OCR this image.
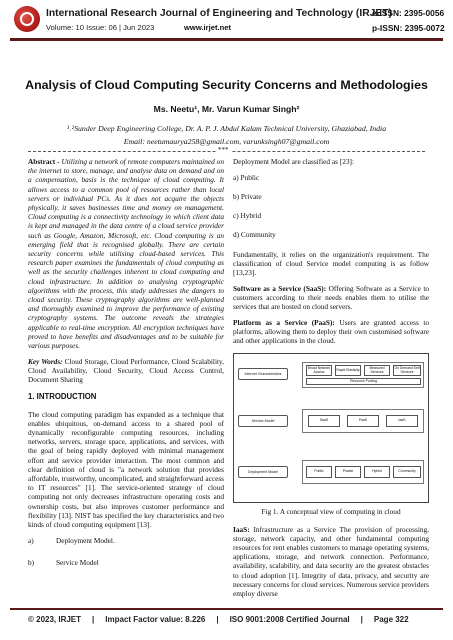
International Research Journal of Engineering and Technology (IRJET)
e-ISSN: 2395-0056
Volume: 10 Issue: 06 | Jun 2023	www.irjet.net	p-ISSN: 2395-0072
Analysis of Cloud Computing Security Concerns and Methodologies
Ms. Neetu¹, Mr. Varun Kumar Singh²
¹˒²Sunder Deep Engineering College, Dr. A. P. J. Abdul Kalam Technical University, Ghaziabad, India
Email: neetumaurya258@gmail.com, varunksingh07@gmail.com
***

Abstract - Utilizing a network of remote computers maintained on the internet to store, manage, and analyse data on demand and on a compensation, basis is the technique of cloud computing. It allows access to a common pool of resources rather than local servers or individual PCs. As it does not acquire the objects physically, it saves businesses time and money on management. Cloud computing is a connectivity technology in which client data is kept and managed in the data centre of a cloud service provider such as Google, Amazon, Microsoft, etc. Cloud computing is an emerging field that is recognised globally. There are certain security concerns while utilising cloud-based services. This research paper examines the fundamentals of cloud computing as well as the security challenges inherent to cloud computing and cloud infrastructure. In addition to analysing cryptographic algorithms with the process, this study addresses the dangers to cloud security. These cryptography algorithms are well-planned and thoroughly examined to improve the performance of existing cryptography systems. The outcome reveals the strategies applicable to real-time encryption. All encryption techniques have proved to have benefits and disadvantages and to be suitable for various purposes.

Key Words: Cloud Storage, Cloud Performance, Cloud Scalability, Cloud Availability, Cloud Security, Cloud Access Control, Document Sharing

1. INTRODUCTION

The cloud computing paradigm has expanded as a technique that enables ubiquitous, on-demand access to a shared pool of dynamically reconfigurable computing resources, including networks, servers, storage space, applications, and services, with the goal of being rapidly deployed with minimal management effort and service provider interaction. The most common and clear definition of cloud is "a network solution that provides affordable, trustworthy, uncomplicated, and straightforward access to IT resources" [1]. The service-oriented strategy of cloud computing not only decreases infrastructure operating costs and ownership costs, but also improves customer performance and flexibility [13]. NIST has specified the key characteristics and two kinds of cloud computing equipment [13].

a)	Deployment Model.
b)	Service Model

Deployment Model are classified as [23]:

a) Public

b) Private

c) Hybrid

d) Community

Fundamentally, it relies on the organization's requirement. The classification of cloud Service model computing is as follow [13,23].

Software as a Service (SaaS): Offering Software as a Service to customers according to their needs enables them to utilise the services that are hosted on cloud servers.

Platform as a Service (PaaS): Users are granted access to platforms, allowing them to deploy their own customised software and other applications in the cloud.

Internet Characteristics
Broad Network Access	Rapid Elasticity	Measured Services
On Demand Self Services
Resource Pooling
Service Model	SaaS	PaaS	IaaS
Deployment Model	Public	Private	Hybrid	Community
Fig 1. A conceptual view of computing in cloud

IaaS: Infrastructure as a Service The provision of processing, storage, network capacity, and other fundamental computing resources for rent enables customers to manage operating systems, applications, storage, and network connection. Performance, availability, scalability, and data security are the greatest obstacles to cloud adoption [1]. Integrity of data, privacy, and security are necessary concerns for cloud services. Numerous service providers employ diverse

© 2023, IRJET | Impact Factor value: 8.226 | ISO 9001:2008 Certified Journal | Page 322
